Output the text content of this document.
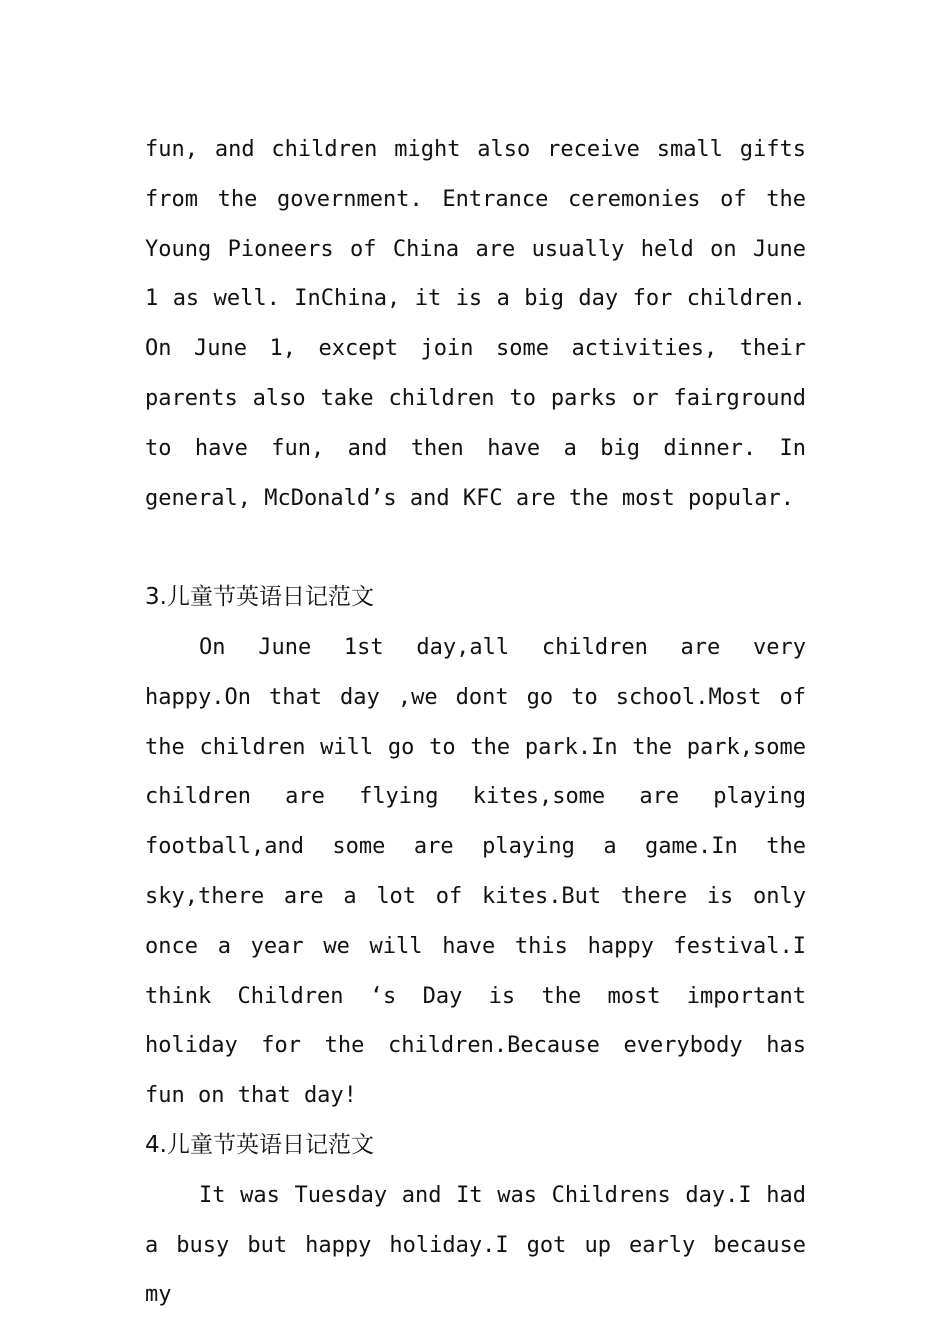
fun, and children might also receive small gifts from the government. Entrance ceremonies of the Young Pioneers of China are usually held on June 1 as well. InChina, it is a big day for children. On June 1, except join some activities, their parents also take children to parks or fairground to have fun, and then have a big dinner. In general, McDonald’s and KFC are the most popular.

3.儿童节英语日记范文

On June 1st day,all children are very happy.On that day ,we dont go to school.Most of the children will go to the park.In the park,some children are flying kites,some are playing football,and some are playing a game.In the sky,there are a lot of kites.But there is only once a year we will have this happy festival.I think Children ‘s Day is the most important holiday for the children.Because everybody has fun on that day!

4.儿童节英语日记范文

It was Tuesday and It was Childrens day.I had a busy but happy holiday.I got up early because my
